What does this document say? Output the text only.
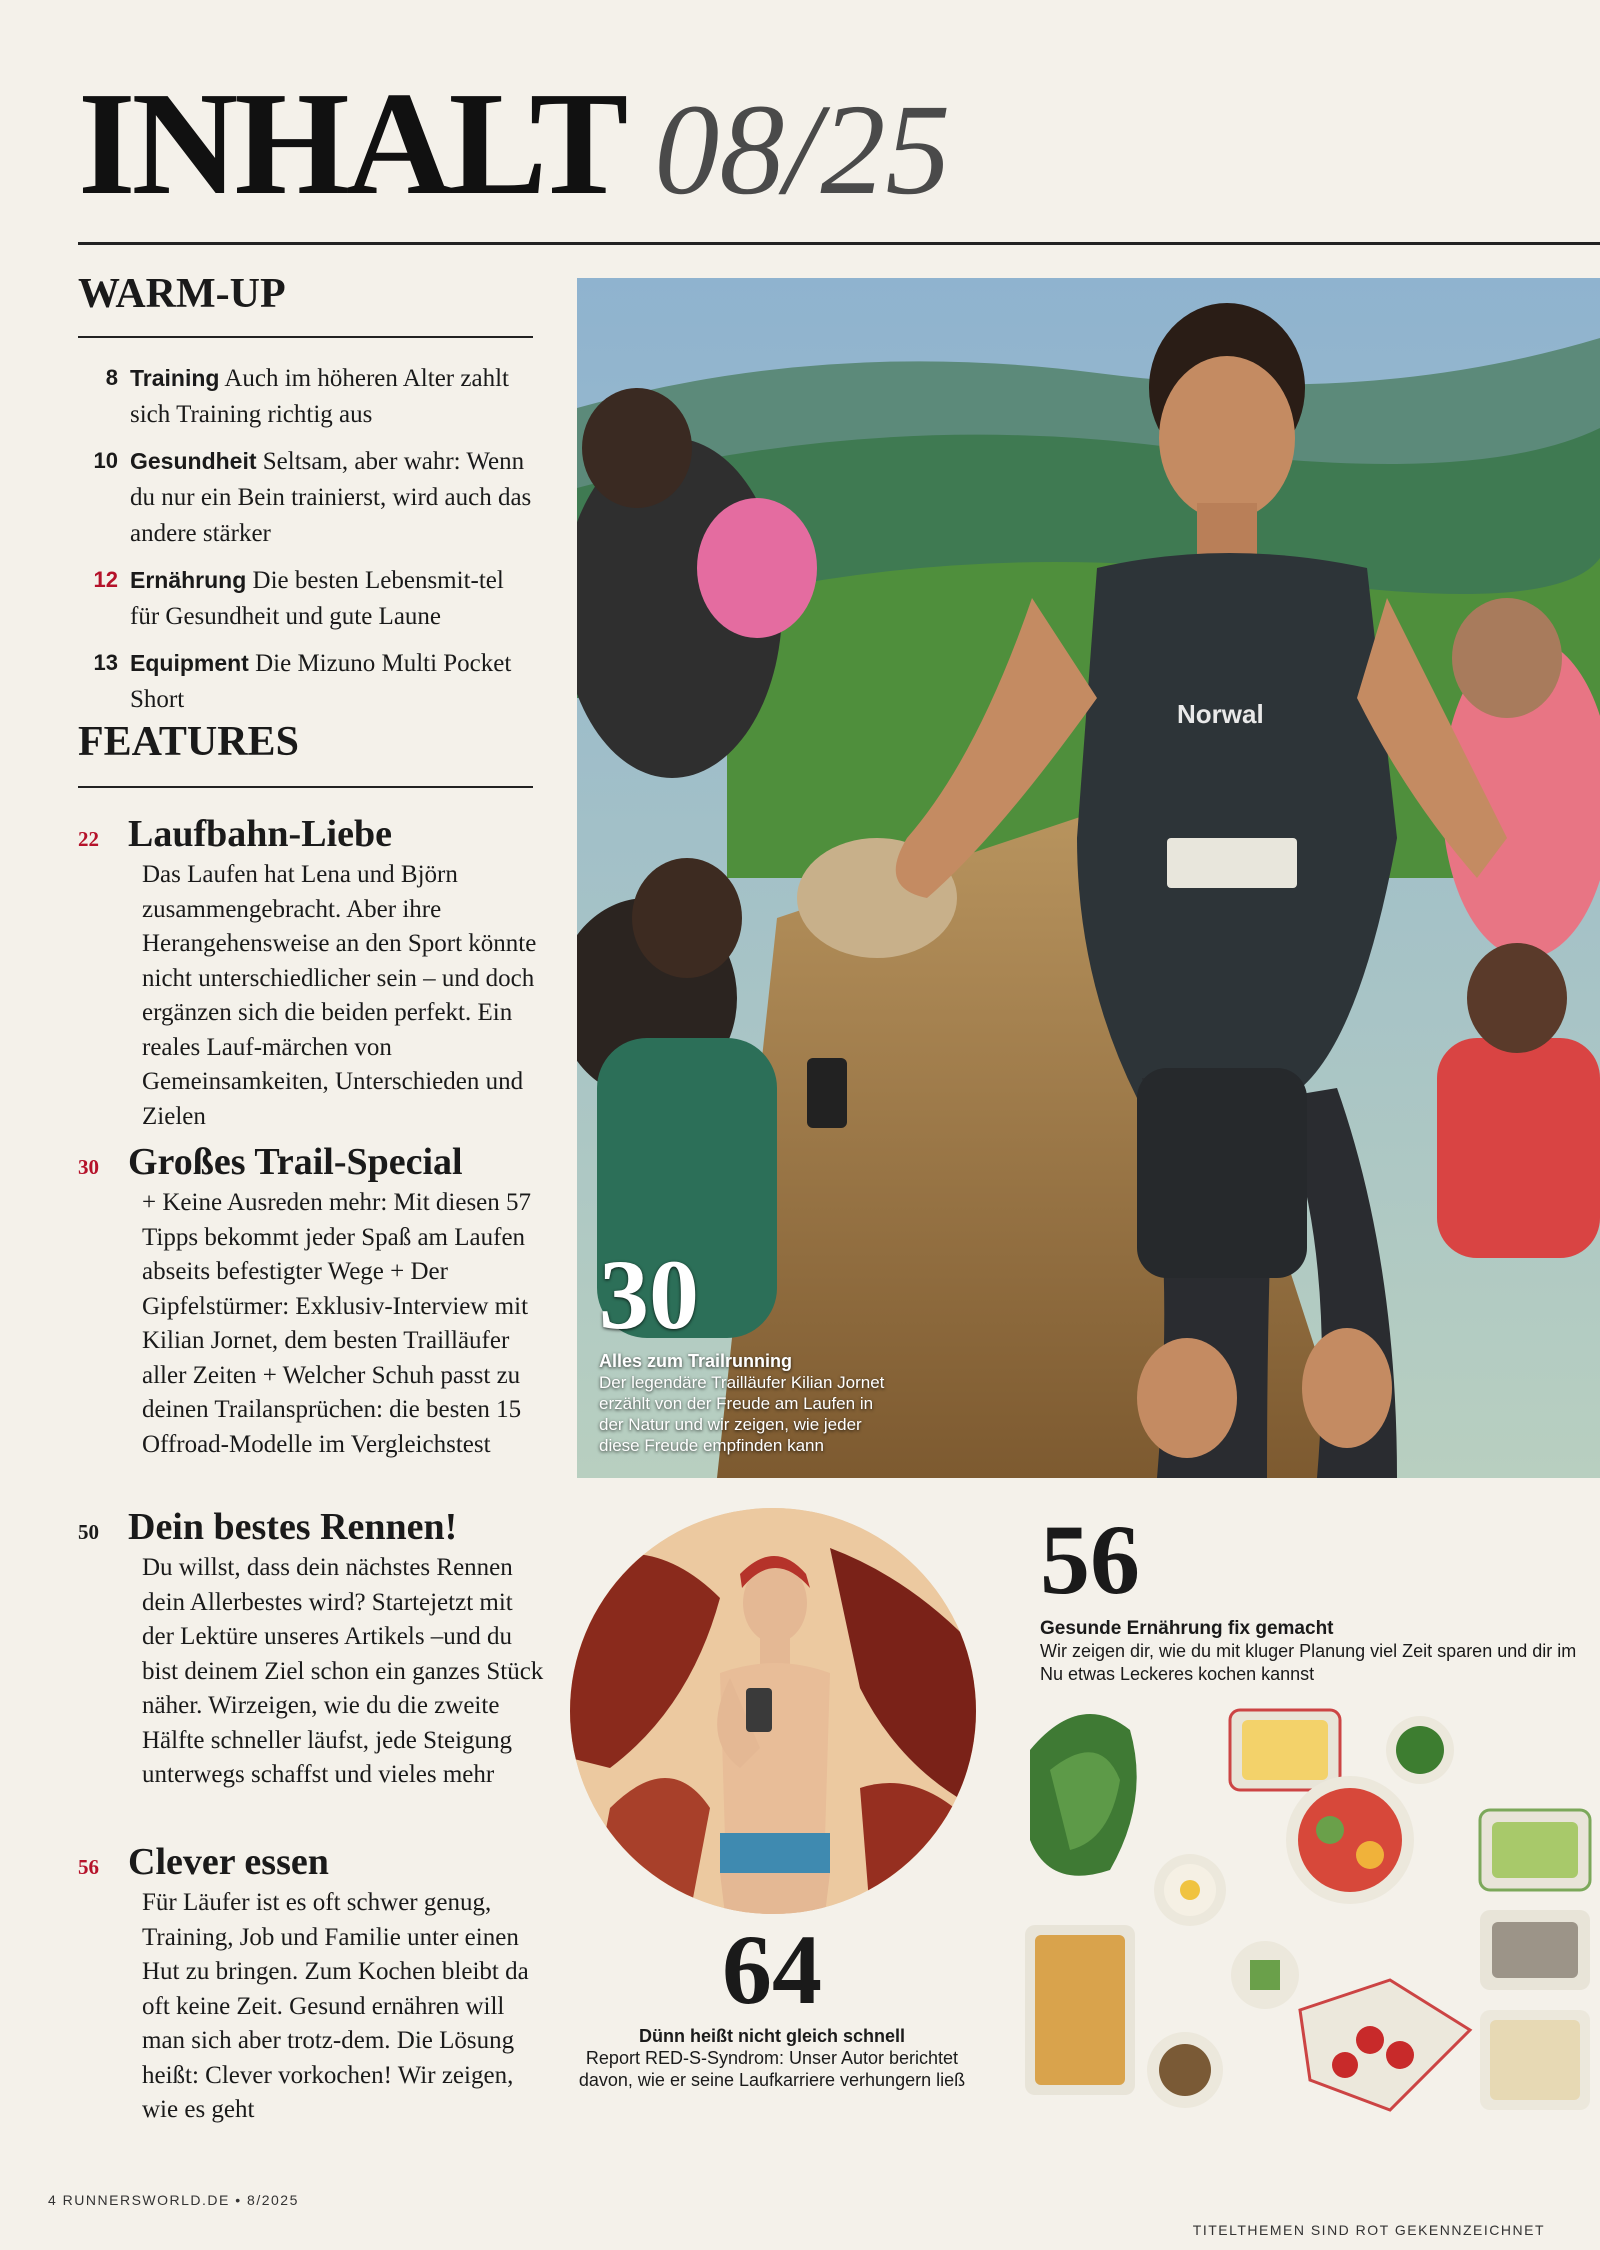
INHALT 08/25
WARM-UP
8 Training Auch im höheren Alter zahlt sich Training richtig aus
10 Gesundheit Seltsam, aber wahr: Wenn du nur ein Bein trainierst, wird auch das andere stärker
12 Ernährung Die besten Lebensmit-tel für Gesundheit und gute Laune
13 Equipment Die Mizuno Multi Pocket Short
FEATURES
22 Laufbahn-Liebe
Das Laufen hat Lena und Björn zusammengebracht. Aber ihre Herangehensweise an den Sport könnte nicht unterschiedlicher sein – und doch ergänzen sich die beiden perfekt. Ein reales Lauf-märchen von Gemeinsamkeiten, Unterschieden und Zielen
30 Großes Trail-Special
+ Keine Ausreden mehr: Mit diesen 57 Tipps bekommt jeder Spaß am Laufen abseits befestigter Wege + Der Gipfelstürmer: Exklusiv-Interview mit Kilian Jornet, dem besten Trailläufer aller Zeiten + Welcher Schuh passt zu deinen Trailansprüchen: die besten 15 Offroad-Modelle im Vergleichstest
50 Dein bestes Rennen!
Du willst, dass dein nächstes Rennen dein Allerbestes wird? Startejetzt mit der Lektüre unseres Artikels –und du bist deinem Ziel schon ein ganzes Stück näher. Wirzeigen, wie du die zweite Hälfte schneller läufst, jede Steigung unterwegs schaffst und vieles mehr
56 Clever essen
Für Läufer ist es oft schwer genug, Training, Job und Familie unter einen Hut zu bringen. Zum Kochen bleibt da oft keine Zeit. Gesund ernähren will man sich aber trotz-dem. Die Lösung heißt: Clever vorkochen! Wir zeigen, wie es geht
Norwal
30
Alles zum Trailrunning
Der legendäre Trailläufer Kilian Jornet erzählt von der Freude am Laufen in der Natur und wir zeigen, wie jeder diese Freude empfinden kann
56
Gesunde Ernährung fix gemacht
Wir zeigen dir, wie du mit kluger Planung viel Zeit sparen und dir im Nu etwas Leckeres kochen kannst
64
Dünn heißt nicht gleich schnell
Report RED-S-Syndrom: Unser Autor berichtet davon, wie er seine Laufkarriere verhungern ließ
4 RUNNERSWORLD.DE • 8/2025
TITELTHEMEN SIND ROT GEKENNZEICHNET
